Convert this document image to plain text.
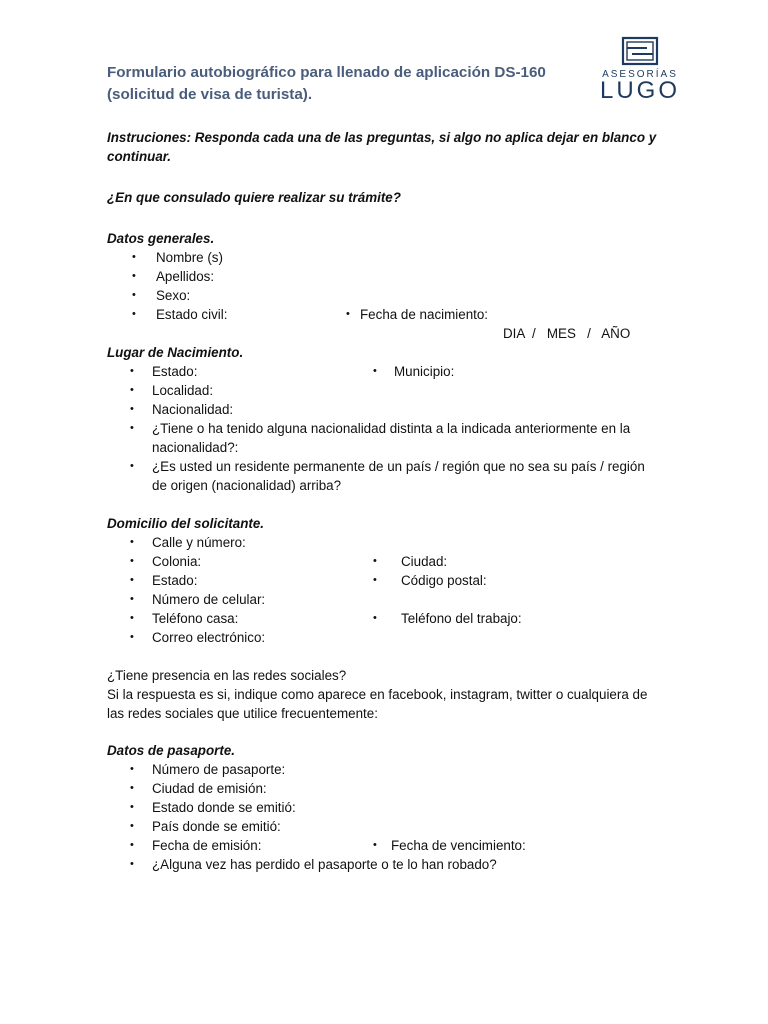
Formulario autobiográfico para llenado de aplicación DS-160
(solicitud de visa de turista).
ASESORÍAS
LUGO
Instruciones: Responda cada una de las preguntas, si algo no aplica dejar en blanco y
continuar.
¿En que consulado quiere realizar su trámite?
Datos generales.
• Nombre (s)
• Apellidos:
• Sexo:
• Estado civil:	• Fecha de nacimiento:
DIA  /   MES   /   AÑO
Lugar de Nacimiento.
• Estado:	• Municipio:
• Localidad:
• Nacionalidad:
• ¿Tiene o ha tenido alguna nacionalidad distinta a la indicada anteriormente en la
nacionalidad?:
• ¿Es usted un residente permanente de un país / región que no sea su país / región
de origen (nacionalidad) arriba?
Domicilio del solicitante.
• Calle y número:
• Colonia:	• Ciudad:
• Estado:	• Código postal:
• Número de celular:
• Teléfono casa:	• Teléfono del trabajo:
• Correo electrónico:
¿Tiene presencia en las redes sociales?
Si la respuesta es si, indique como aparece en facebook, instagram, twitter o cualquiera de
las redes sociales que utilice frecuentemente:
Datos de pasaporte.
• Número de pasaporte:
• Ciudad de emisión:
• Estado donde se emitió:
• País donde se emitió:
• Fecha de emisión:	• Fecha de vencimiento:
• ¿Alguna vez has perdido el pasaporte o te lo han robado?
